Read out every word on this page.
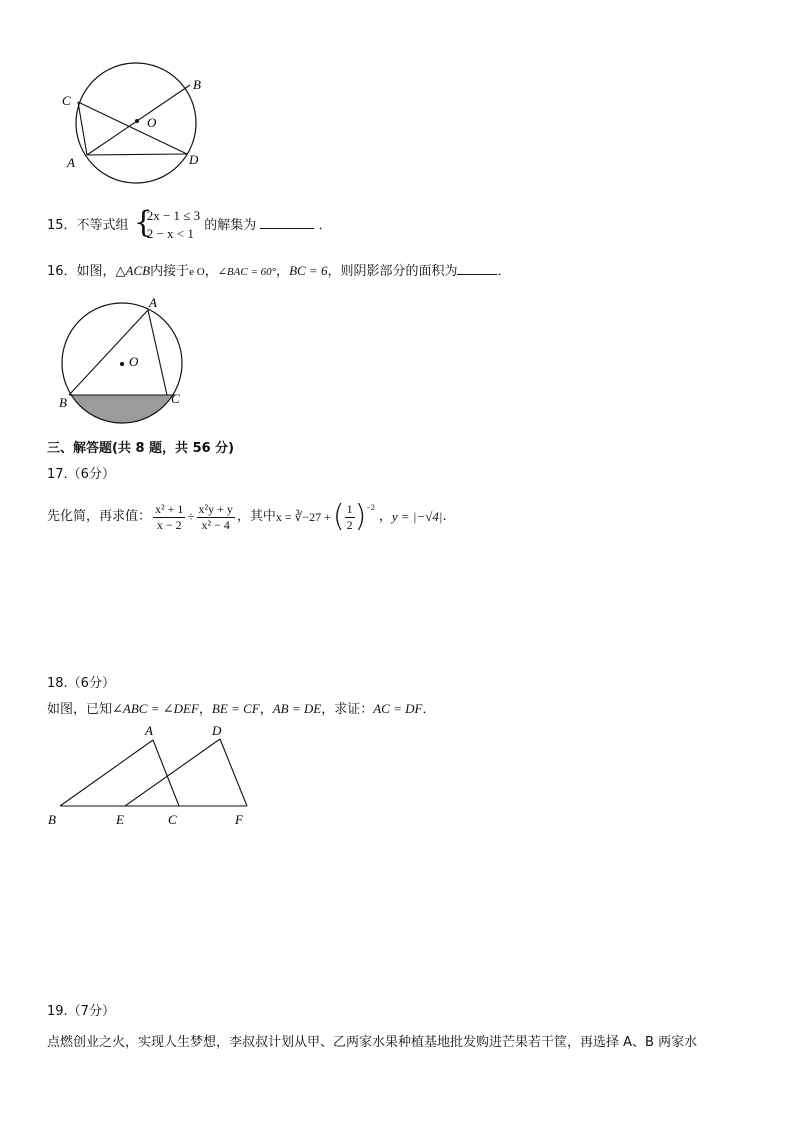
C
B
O
A	D
15．不等式组 {
2x − 1 ≤ 3
2 − x < 1
的解集为	．
16．如图，△ACB内接于e O，∠BAC = 60°，BC = 6，则阴影部分的面积为	．
A
O
B	C
三、解答题(共 8 题，共 56 分)
17.（6分）
先化简，再求值： $\frac{\text{x² + 1}}{x - 2} \div \frac{\text{x²y + y}}{\text{x² − 4}}$ ，其中 x = ∛−27 + ( $\frac{1}{2}$ ) −2
， y = |−√4| .
18.（6分）
如图，已知∠ABC = ∠DEF，BE = CF，AB = DE，求证：AC = DF．
A	D
B	E	C	F
19.（7分）
点燃创业之火，实现人生梦想，李叔叔计划从甲、乙两家水果种植基地批发购进芒果若干筐，再选择 A、B 两家水
